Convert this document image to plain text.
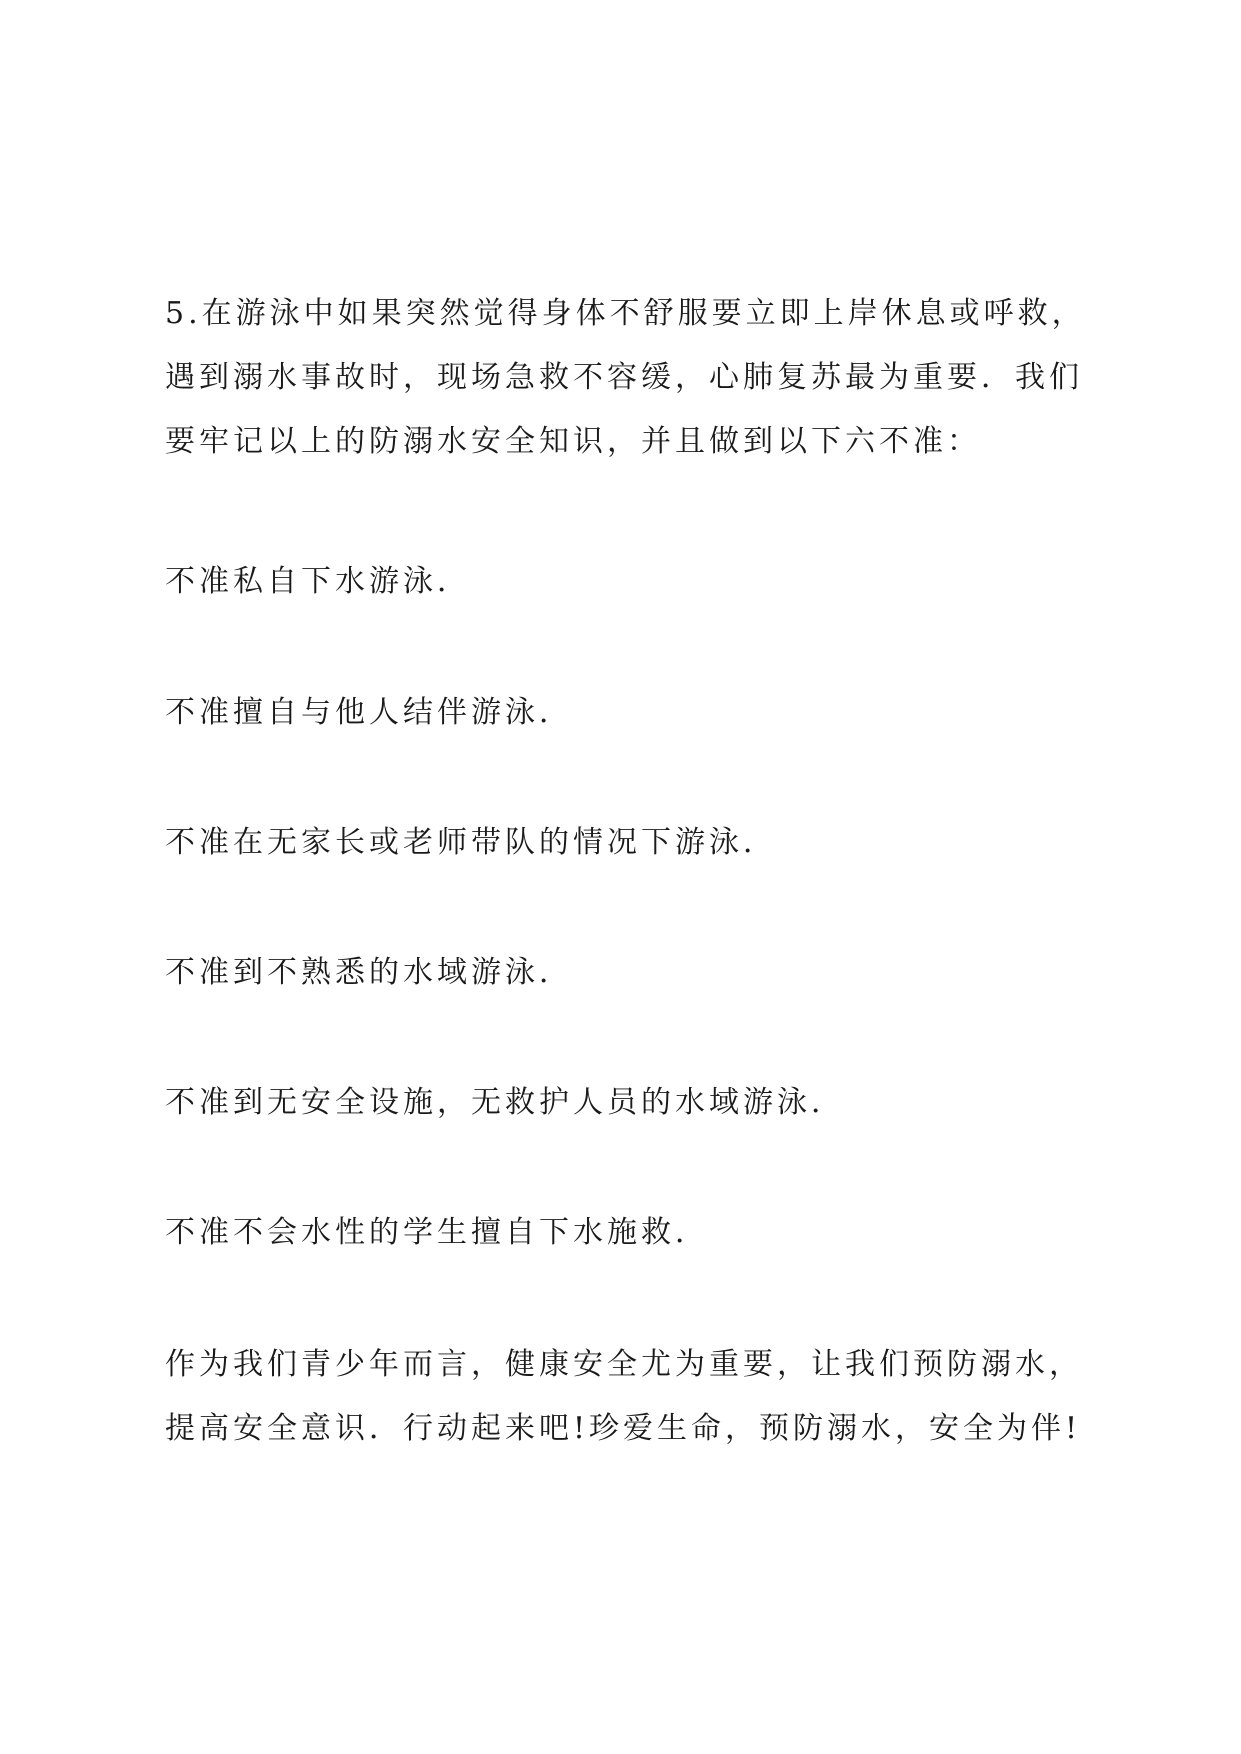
5.在游泳中如果突然觉得身体不舒服要立即上岸休息或呼救，遇到溺水事故时，现场急救不容缓，心肺复苏最为重要．我们要牢记以上的防溺水安全知识，并且做到以下六不准：

不准私自下水游泳．

不准擅自与他人结伴游泳．

不准在无家长或老师带队的情况下游泳．

不准到不熟悉的水域游泳．

不准到无安全设施，无救护人员的水域游泳．

不准不会水性的学生擅自下水施救．

作为我们青少年而言，健康安全尤为重要，让我们预防溺水，提高安全意识．行动起来吧!珍爱生命，预防溺水，安全为伴!
